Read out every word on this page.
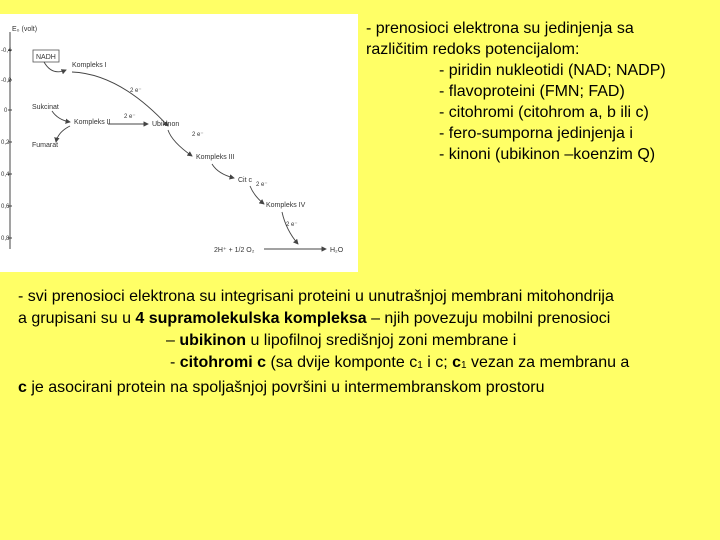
E₀ (volt)
-0,4
-0,2
0
0,2
0,4
0,6
0,8
NADH
Kompleks I
2 e⁻
Sukcinat
Kompleks II
Fumarat
2 e⁻
Ubikinon
2 e⁻
Kompleks III
Cit c
2 e⁻
Kompleks IV
2 e⁻
2H⁺ + 1/2 O₂	H₂O
- prenosioci elektrona su jedinjenja sa
različitim redoks potencijalom:
- piridin nukleotidi (NAD; NADP)
- flavoproteini (FMN; FAD)
- citohromi (citohrom a, b ili c)
- fero-sumporna jedinjenja i
- kinoni (ubikinon –koenzim Q)
- svi prenosioci elektrona su integrisani proteini u unutrašnjoj membrani mitohondrija
a grupisani su u 4 supramolekulska kompleksa – njih povezuju mobilni prenosioci
– ubikinon u lipofilnoj središnjoj zoni membrane i
- citohromi c (sa dvije komponte c1 i c; c1 vezan za membranu a
c je asocirani protein na spoljašnjoj površini u intermembranskom prostoru
